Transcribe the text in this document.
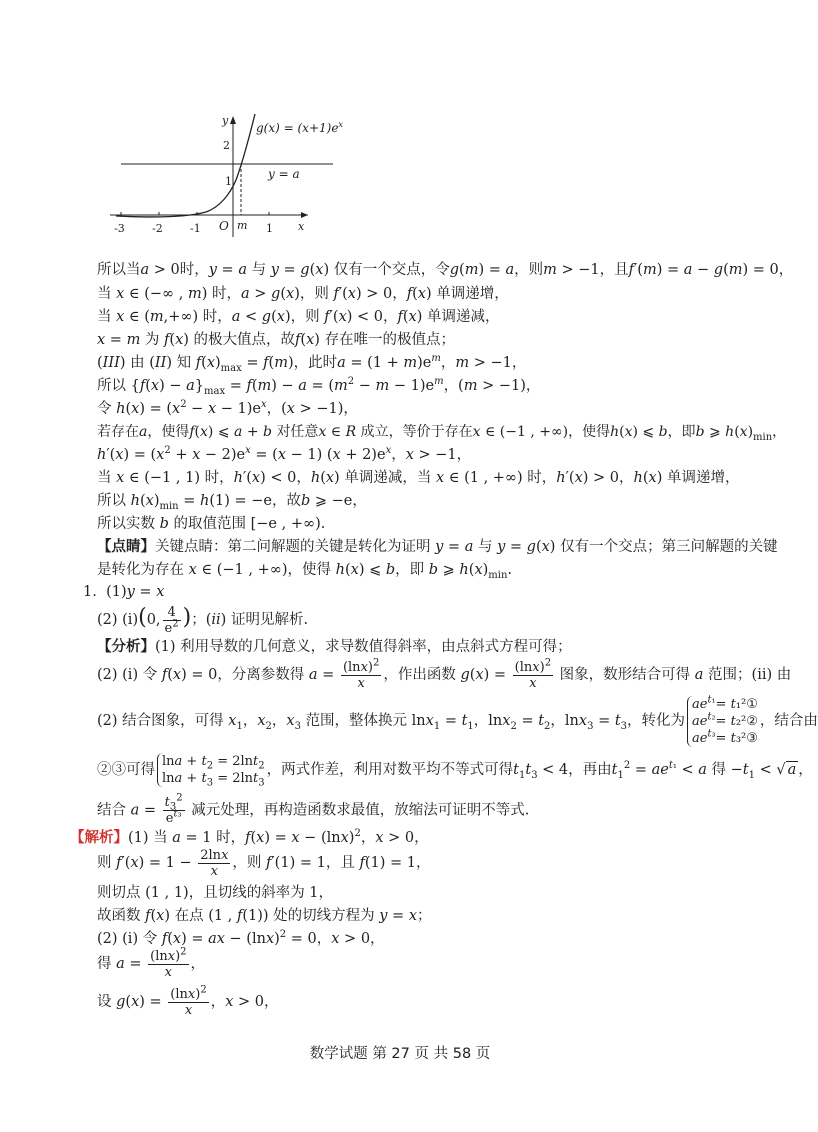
$g(x) = (x+1)e^x$
y = a
y
x
O m
-3 -2 -1	1
2
1
所以当a > 0时，y = a 与 y = g(x) 仅有一个交点，令g(m) = a，则m > −1，且f′(m) = a − g(m) = 0，
当 x ∈ (−∞ , m) 时，a > g(x)，则 f′(x) > 0，f(x) 单调递增，
当 x ∈ (m,+∞) 时，a < g(x)，则 f′(x) < 0，f(x) 单调递减，
x = m 为 f(x) 的极大值点，故f(x) 存在唯一的极值点；
(III) 由 (II) 知 $f(x)_{max} = f(m)$，此时$a = (1 + m)e^m$，m > −1，
所以 $\{f(x) - a\}_{max} = f(m) - a = (m^2 - m - 1)e^m$，(m > −1)，
令 $h(x) = (x^2 - x - 1)e^x$，(x > −1)，
若存在a，使得f(x) ⩽ a + b 对任意x ∈ R 成立，等价于存在x ∈ (−1 , +∞)，使得h(x) ⩽ b，即b ⩾ $h(x)_{min}$，
$h'(x) = (x^2 + x - 2)e^x = (x - 1) (x + 2)e^x$，x > −1，
当 x ∈ (−1 , 1) 时，h′(x) < 0，h(x) 单调递减，当 x ∈ (1 , +∞) 时，h′(x) > 0，h(x) 单调递增，
所以 $h(x)_{min} = h(1) = -e$，故b ⩾ −e，
所以实数 b 的取值范围 [−e , +∞).
【点睛】关键点睛：第二问解题的关键是转化为证明 y = a 与 y = g(x) 仅有一个交点；第三问解题的关键
是转化为存在 x ∈ (−1 , +∞)，使得 h(x) ⩽ b，即 b ⩾ $h(x)_{min}$.
1. (1)y = x
(2) (i)(0, $\frac{4}{e^2}$ )；(ii) 证明见解析.
【分析】(1) 利用导数的几何意义，求导数值得斜率，由点斜式方程可得；
(2) (i) 令 f(x) = 0，分离参数得 $a = \frac{(\ln x)^2}{x}$ ，作出函数 $g(x) = \frac{(\ln x)^2}{x}$ 图象，数形结合可得 a 范围；(ii) 由
(2) 结合图象，可得 $x_1$，$x_2$，$x_3$ 范围，整体换元 $\ln x_1 = t_1$，$\ln x_2 = t_2$，$\ln x_3 = t_3$，转化为$ae^{t_1}=$ t₁²①
$ae^{t_2}=$ t₂²②
$ae^{t_3}=$ t₃²③，结合由
②③可得$\ln a + t_2 = 2\ln t_2$
$\ln a + t_3 = 2\ln t_3$，两式作差，利用对数平均不等式可得$t_1t_3 < 4$，再由$t_1^2 = ae^{t_1} < a$ 得 $-t_1$ < √ a ，
结合 $a = \frac{t_3^2}{e^{t_3}}$ 减元处理，再构造函数求最值，放缩法可证明不等式.
【解析】(1) 当 a = 1 时，$f(x) = x - (\ln x)^2$，x > 0，
则 $f'(x) = 1 - \frac{2\ln x}{x}$ ，则 f′(1) = 1，且 f(1) = 1，
则切点 (1 , 1)，且切线的斜率为 1，
故函数 f(x) 在点 (1 , f(1)) 处的切线方程为 y = x；
(2) (i) 令 f(x) = ax − $(\ln x)^2 = 0$，x > 0，
得 $a = \frac{(\ln x)^2}{x}$ ，
设 $g(x) = \frac{(\ln x)^2}{x}$ ，x > 0，
数学试题 第 27 页 共 58 页
